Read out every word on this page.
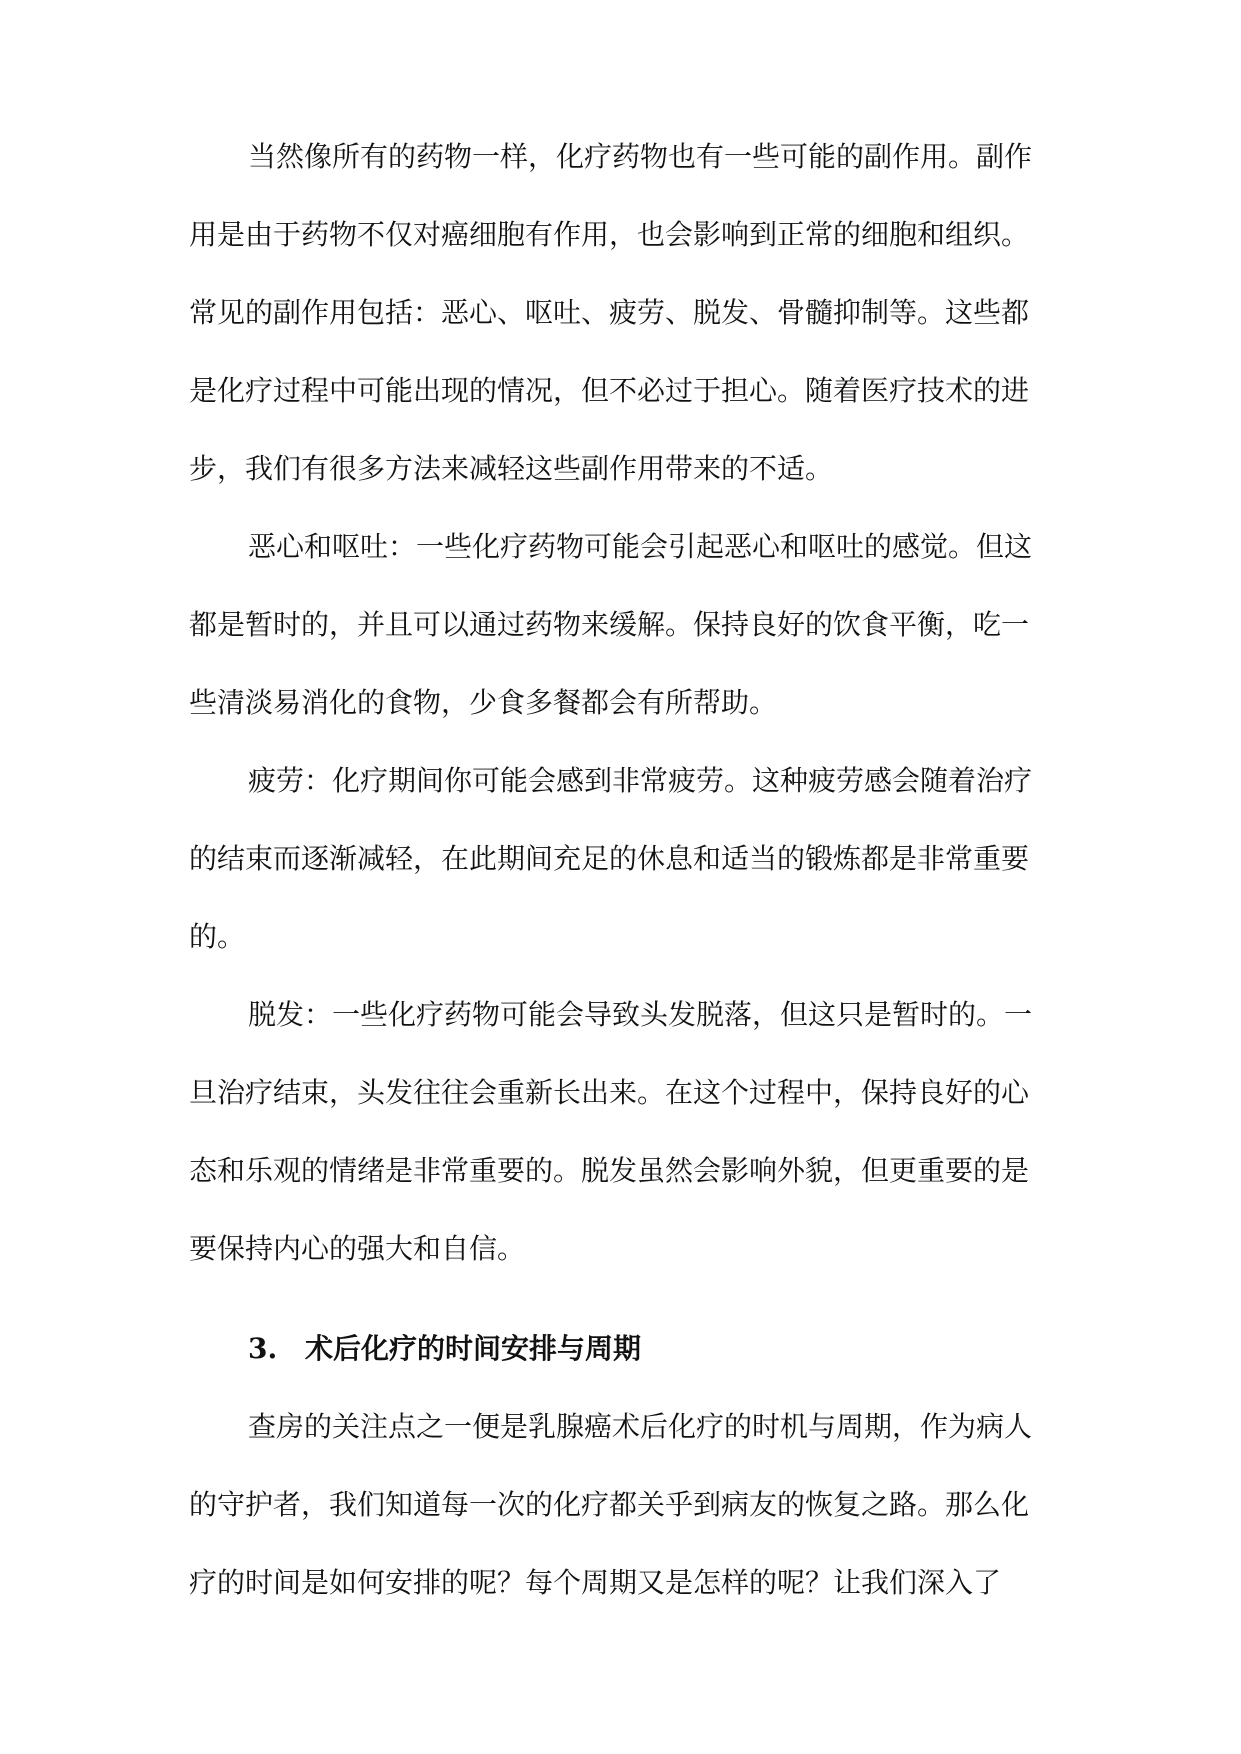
当然像所有的药物一样，化疗药物也有一些可能的副作用。副作
用是由于药物不仅对癌细胞有作用，也会影响到正常的细胞和组织。
常见的副作用包括：恶心、呕吐、疲劳、脱发、骨髓抑制等。这些都
是化疗过程中可能出现的情况，但不必过于担心。随着医疗技术的进
步，我们有很多方法来减轻这些副作用带来的不适。
恶心和呕吐：一些化疗药物可能会引起恶心和呕吐的感觉。但这
都是暂时的，并且可以通过药物来缓解。保持良好的饮食平衡，吃一
些清淡易消化的食物，少食多餐都会有所帮助。
疲劳：化疗期间你可能会感到非常疲劳。这种疲劳感会随着治疗
的结束而逐渐减轻，在此期间充足的休息和适当的锻炼都是非常重要
的。
脱发：一些化疗药物可能会导致头发脱落，但这只是暂时的。一
旦治疗结束，头发往往会重新长出来。在这个过程中，保持良好的心
态和乐观的情绪是非常重要的。脱发虽然会影响外貌，但更重要的是
要保持内心的强大和自信。
3. 术后化疗的时间安排与周期
查房的关注点之一便是乳腺癌术后化疗的时机与周期，作为病人
的守护者，我们知道每一次的化疗都关乎到病友的恢复之路。那么化
疗的时间是如何安排的呢？每个周期又是怎样的呢？让我们深入了
